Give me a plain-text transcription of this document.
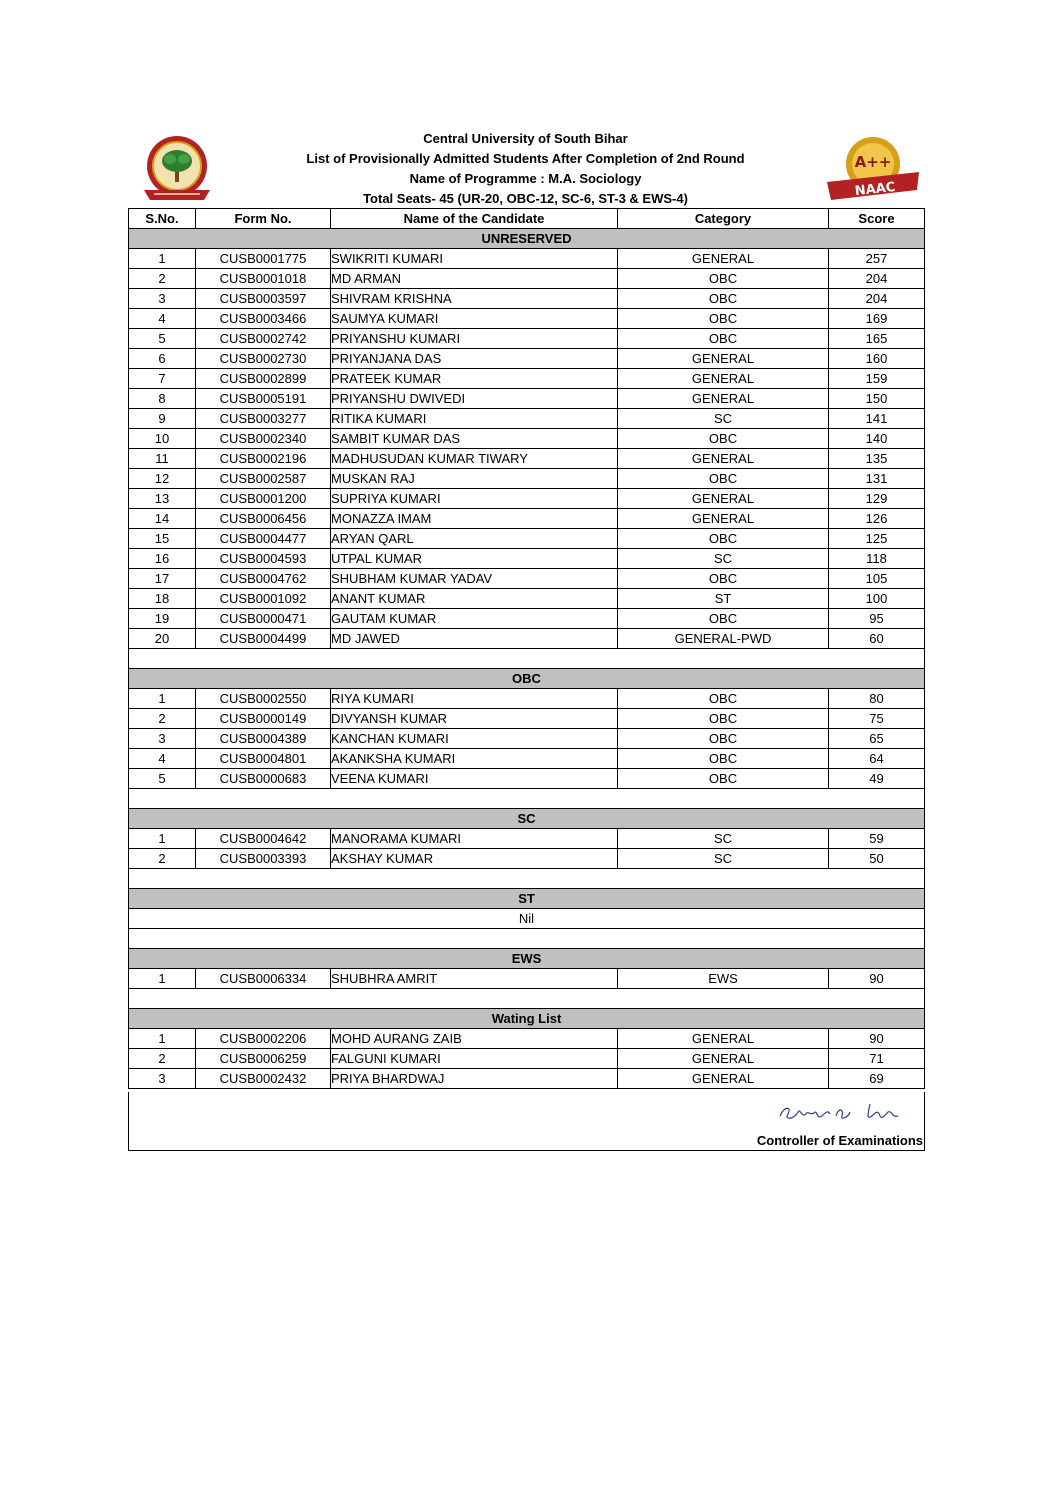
Central University of South Bihar
List of Provisionally Admitted Students After Completion of 2nd Round
Name of Programme : M.A. Sociology
Total Seats- 45 (UR-20, OBC-12, SC-6, ST-3 & EWS-4)
A++
NAAC
S.No.	Form No.	Name of the Candidate	Category	Score
UNRESERVED				
1	CUSB0001775	SWIKRITI KUMARI	GENERAL	257
2	CUSB0001018	MD ARMAN	OBC	204
3	CUSB0003597	SHIVRAM KRISHNA	OBC	204
4	CUSB0003466	SAUMYA KUMARI	OBC	169
5	CUSB0002742	PRIYANSHU KUMARI	OBC	165
6	CUSB0002730	PRIYANJANA DAS	GENERAL	160
7	CUSB0002899	PRATEEK KUMAR	GENERAL	159
8	CUSB0005191	PRIYANSHU DWIVEDI	GENERAL	150
9	CUSB0003277	RITIKA KUMARI	SC	141
10	CUSB0002340	SAMBIT KUMAR DAS	OBC	140
11	CUSB0002196	MADHUSUDAN KUMAR TIWARY	GENERAL	135
12	CUSB0002587	MUSKAN RAJ	OBC	131
13	CUSB0001200	SUPRIYA KUMARI	GENERAL	129
14	CUSB0006456	MONAZZA IMAM	GENERAL	126
15	CUSB0004477	ARYAN QARL	OBC	125
16	CUSB0004593	UTPAL KUMAR	SC	118
17	CUSB0004762	SHUBHAM KUMAR YADAV	OBC	105
18	CUSB0001092	ANANT KUMAR	ST	100
19	CUSB0000471	GAUTAM KUMAR	OBC	95
20	CUSB0004499	MD JAWED	GENERAL-PWD	60

OBC				
1	CUSB0002550	RIYA KUMARI	OBC	80
2	CUSB0000149	DIVYANSH KUMAR	OBC	75
3	CUSB0004389	KANCHAN KUMARI	OBC	65
4	CUSB0004801	AKANKSHA KUMARI	OBC	64
5	CUSB0000683	VEENA KUMARI	OBC	49

SC				
1	CUSB0004642	MANORAMA KUMARI	SC	59
2	CUSB0003393	AKSHAY KUMAR	SC	50

ST				
Nil				

EWS				
1	CUSB0006334	SHUBHRA AMRIT	EWS	90

Wating List				
1	CUSB0002206	MOHD AURANG ZAIB	GENERAL	90
2	CUSB0006259	FALGUNI KUMARI	GENERAL	71
3	CUSB0002432	PRIYA BHARDWAJ	GENERAL	69
Controller of Examinations
